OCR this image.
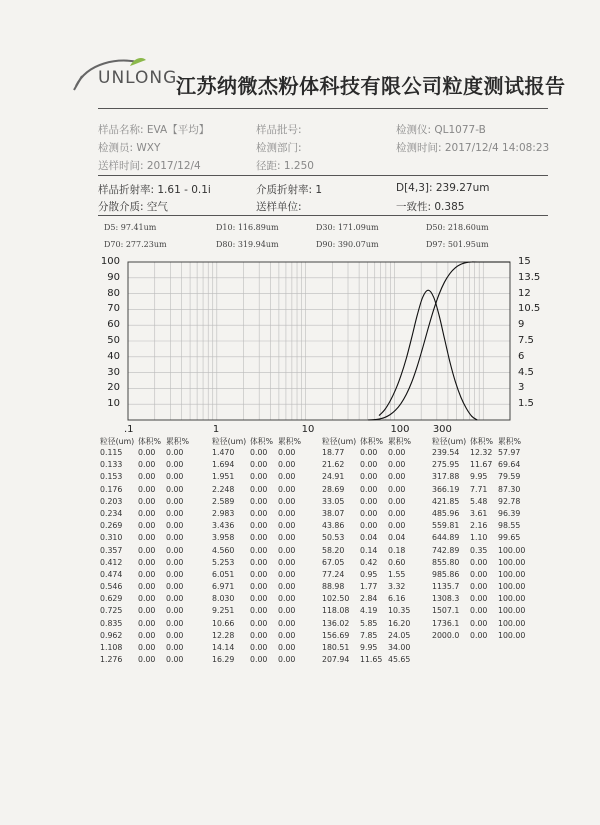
UNLONG
江苏纳微杰粉体科技有限公司粒度测试报告
样品名称: EVA【平均】	样品批号:	检测仪: QL1077-B
检测员: WXY	检测部门:	检测时间: 2017/12/4 14:08:23
送样时间: 2017/12/4	径距: 1.250
样品折射率: 1.61 - 0.1i	介质折射率: 1	D[4,3]: 239.27um
分散介质: 空气	送样单位:	一致性: 0.385
D5: 97.41um	D10: 116.89um	D30: 171.09um	D50: 218.60um
D70: 277.23um	D80: 319.94um	D90: 390.07um	D97: 501.95um
100
90
80
70
60
50
40
30
20
10
15
13.5
12
10.5
9
7.5
6
4.5
3
1.5
.1	1	10	100 300
粒径(um) 体积% 累积%
0.115 0.00 0.00
0.133 0.00 0.00
0.153 0.00 0.00
0.176 0.00 0.00
0.203 0.00 0.00
0.234 0.00 0.00
0.269 0.00 0.00
0.310 0.00 0.00
0.357 0.00 0.00
0.412 0.00 0.00
0.474 0.00 0.00
0.546 0.00 0.00
0.629 0.00 0.00
0.725 0.00 0.00
0.835 0.00 0.00
0.962 0.00 0.00
1.108 0.00 0.00
1.276 0.00 0.00
粒径(um) 体积% 累积%
1.470 0.00 0.00
1.694 0.00 0.00
1.951 0.00 0.00
2.248 0.00 0.00
2.589 0.00 0.00
2.983 0.00 0.00
3.436 0.00 0.00
3.958 0.00 0.00
4.560 0.00 0.00
5.253 0.00 0.00
6.051 0.00 0.00
6.971 0.00 0.00
8.030 0.00 0.00
9.251 0.00 0.00
10.66 0.00 0.00
12.28 0.00 0.00
14.14 0.00 0.00
16.29 0.00 0.00
粒径(um) 体积% 累积%
18.77 0.00 0.00
21.62 0.00 0.00
24.91 0.00 0.00
28.69 0.00 0.00
33.05 0.00 0.00
38.07 0.00 0.00
43.86 0.00 0.00
50.53 0.04 0.04
58.20 0.14 0.18
67.05 0.42 0.60
77.24 0.95 1.55
88.98 1.77 3.32
102.50 2.84 6.16
118.08 4.19 10.35
136.02 5.85 16.20
156.69 7.85 24.05
180.51 9.95 34.00
207.94 11.65 45.65
粒径(um) 体积% 累积%
239.54 12.32 57.97
275.95 11.67 69.64
317.88 9.95 79.59
366.19 7.71 87.30
421.85 5.48 92.78
485.96 3.61 96.39
559.81 2.16 98.55
644.89 1.10 99.65
742.89 0.35 100.00
855.80 0.00 100.00
985.86 0.00 100.00
1135.7 0.00 100.00
1308.3 0.00 100.00
1507.1 0.00 100.00
1736.1 0.00 100.00
2000.0 0.00 100.00
